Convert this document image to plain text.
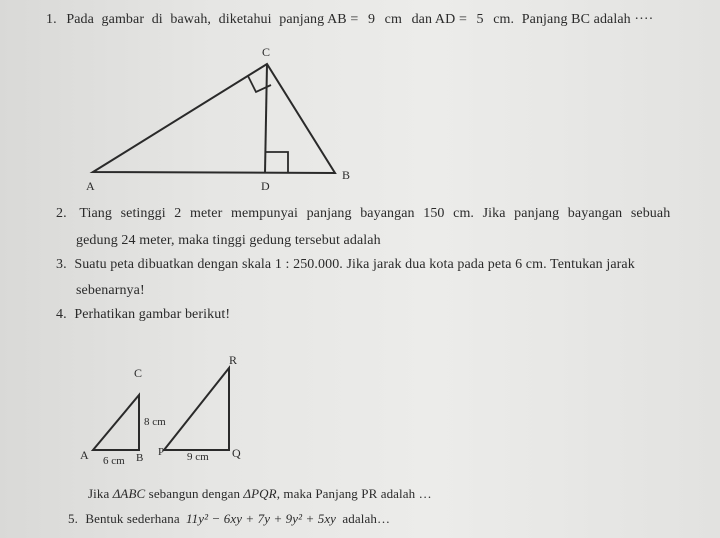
1. Pada gambar di bawah, diketahui panjang AB = 9 cm dan AD = 5 cm. Panjang BC adalah ····
C
A	D
B
2. Tiang setinggi 2 meter mempunyai panjang bayangan 150 cm. Jika panjang bayangan sebuah
gedung 24 meter, maka tinggi gedung tersebut adalah
3. Suatu peta dibuatkan dengan skala 1 : 250.000. Jika jarak dua kota pada peta 6 cm. Tentukan jarak
sebenarnya!
4. Perhatikan gambar berikut!
C
A 6 cm B
8 cm
R
P 9 cm Q
Jika ΔABC sebangun dengan ΔPQR, maka Panjang PR adalah …
5. Bentuk sederhana 11y² − 6xy + 7y + 9y² + 5xy adalah…
